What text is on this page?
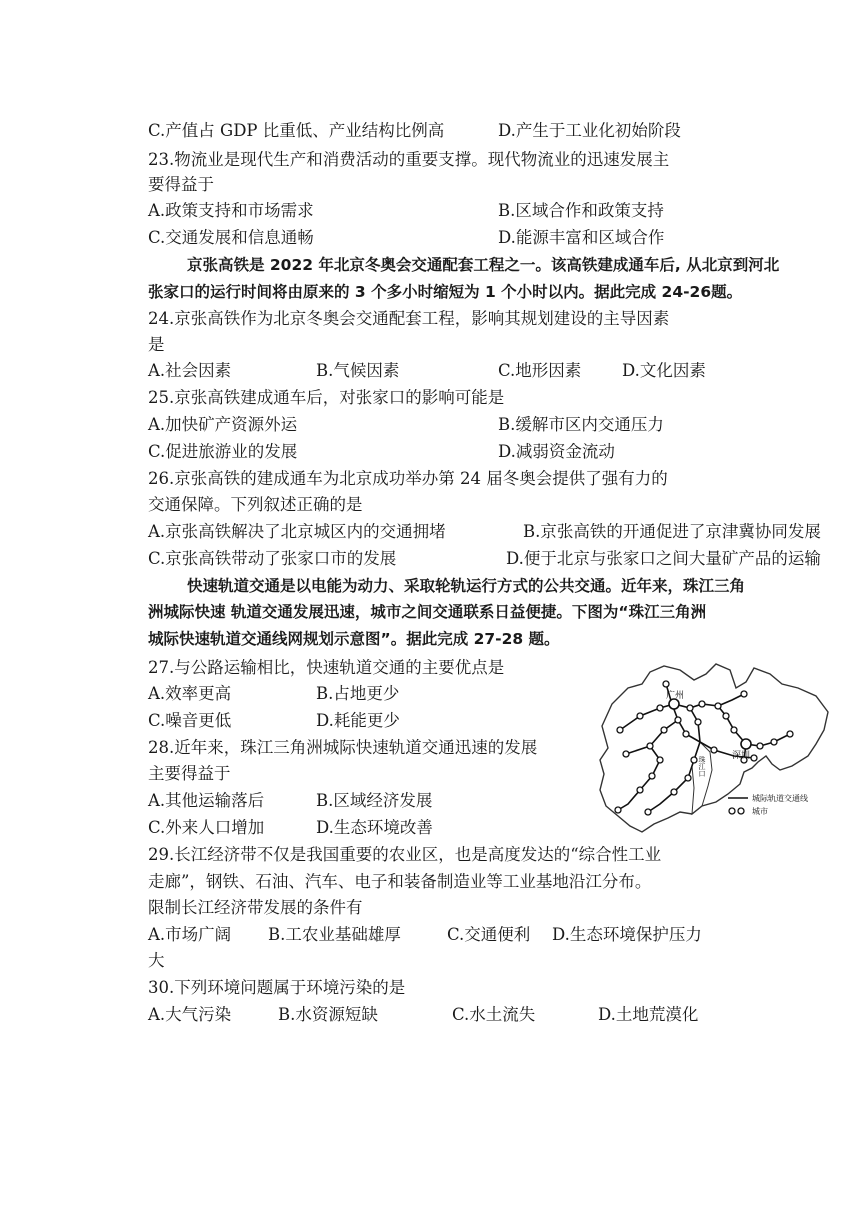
C.产值占 GDP 比重低、产业结构比例高	D.产生于工业化初始阶段
23.物流业是现代生产和消费活动的重要支撑。现代物流业的迅速发展主
要得益于
A.政策支持和市场需求	B.区域合作和政策支持
C.交通发展和信息通畅	D.能源丰富和区域合作
京张高铁是 2022 年北京冬奥会交通配套工程之一。该高铁建成通车后, 从北京到河北
张家口的运行时间将由原来的 3 个多小时缩短为 1 个小时以内。据此完成 24-26题。
24.京张高铁作为北京冬奥会交通配套工程，影响其规划建设的主导因素
是
A.社会因素	B.气候因素	C.地形因素 D.文化因素
25.京张高铁建成通车后，对张家口的影响可能是
A.加快矿产资源外运	B.缓解市区内交通压力
C.促进旅游业的发展	D.减弱资金流动
26.京张高铁的建成通车为北京成功举办第 24 届冬奥会提供了强有力的
交通保障。下列叙述正确的是
A.京张高铁解决了北京城区内的交通拥堵	B.京张高铁的开通促进了京津冀协同发展
C.京张高铁带动了张家口市的发展	D.便于北京与张家口之间大量矿产品的运输
快速轨道交通是以电能为动力、采取轮轨运行方式的公共交通。近年来，珠江三角
洲城际快速 轨道交通发展迅速，城市之间交通联系日益便捷。下图为“珠江三角洲
城际快速轨道交通线网规划示意图”。据此完成 27-28 题。
27.与公路运输相比，快速轨道交通的主要优点是
A.效率更高	B.占地更少
C.噪音更低	D.耗能更少
28.近年来，珠江三角洲城际快速轨道交通迅速的发展
主要得益于
A.其他运输落后	B.区域经济发展
C.外来人口增加	D.生态环境改善
29.长江经济带不仅是我国重要的农业区，也是高度发达的“综合性工业
走廊”，钢铁、石油、汽车、电子和装备制造业等工业基地沿江分布。
限制长江经济带发展的条件有
A.市场广阔 B.工农业基础雄厚	C.交通便利 D.生态环境保护压力
大
30.下列环境问题属于环境污染的是
A.大气污染	B.水资源短缺	C.水土流失	D.土地荒漠化
广州
深圳
珠江口
城际轨道交通线
城市
